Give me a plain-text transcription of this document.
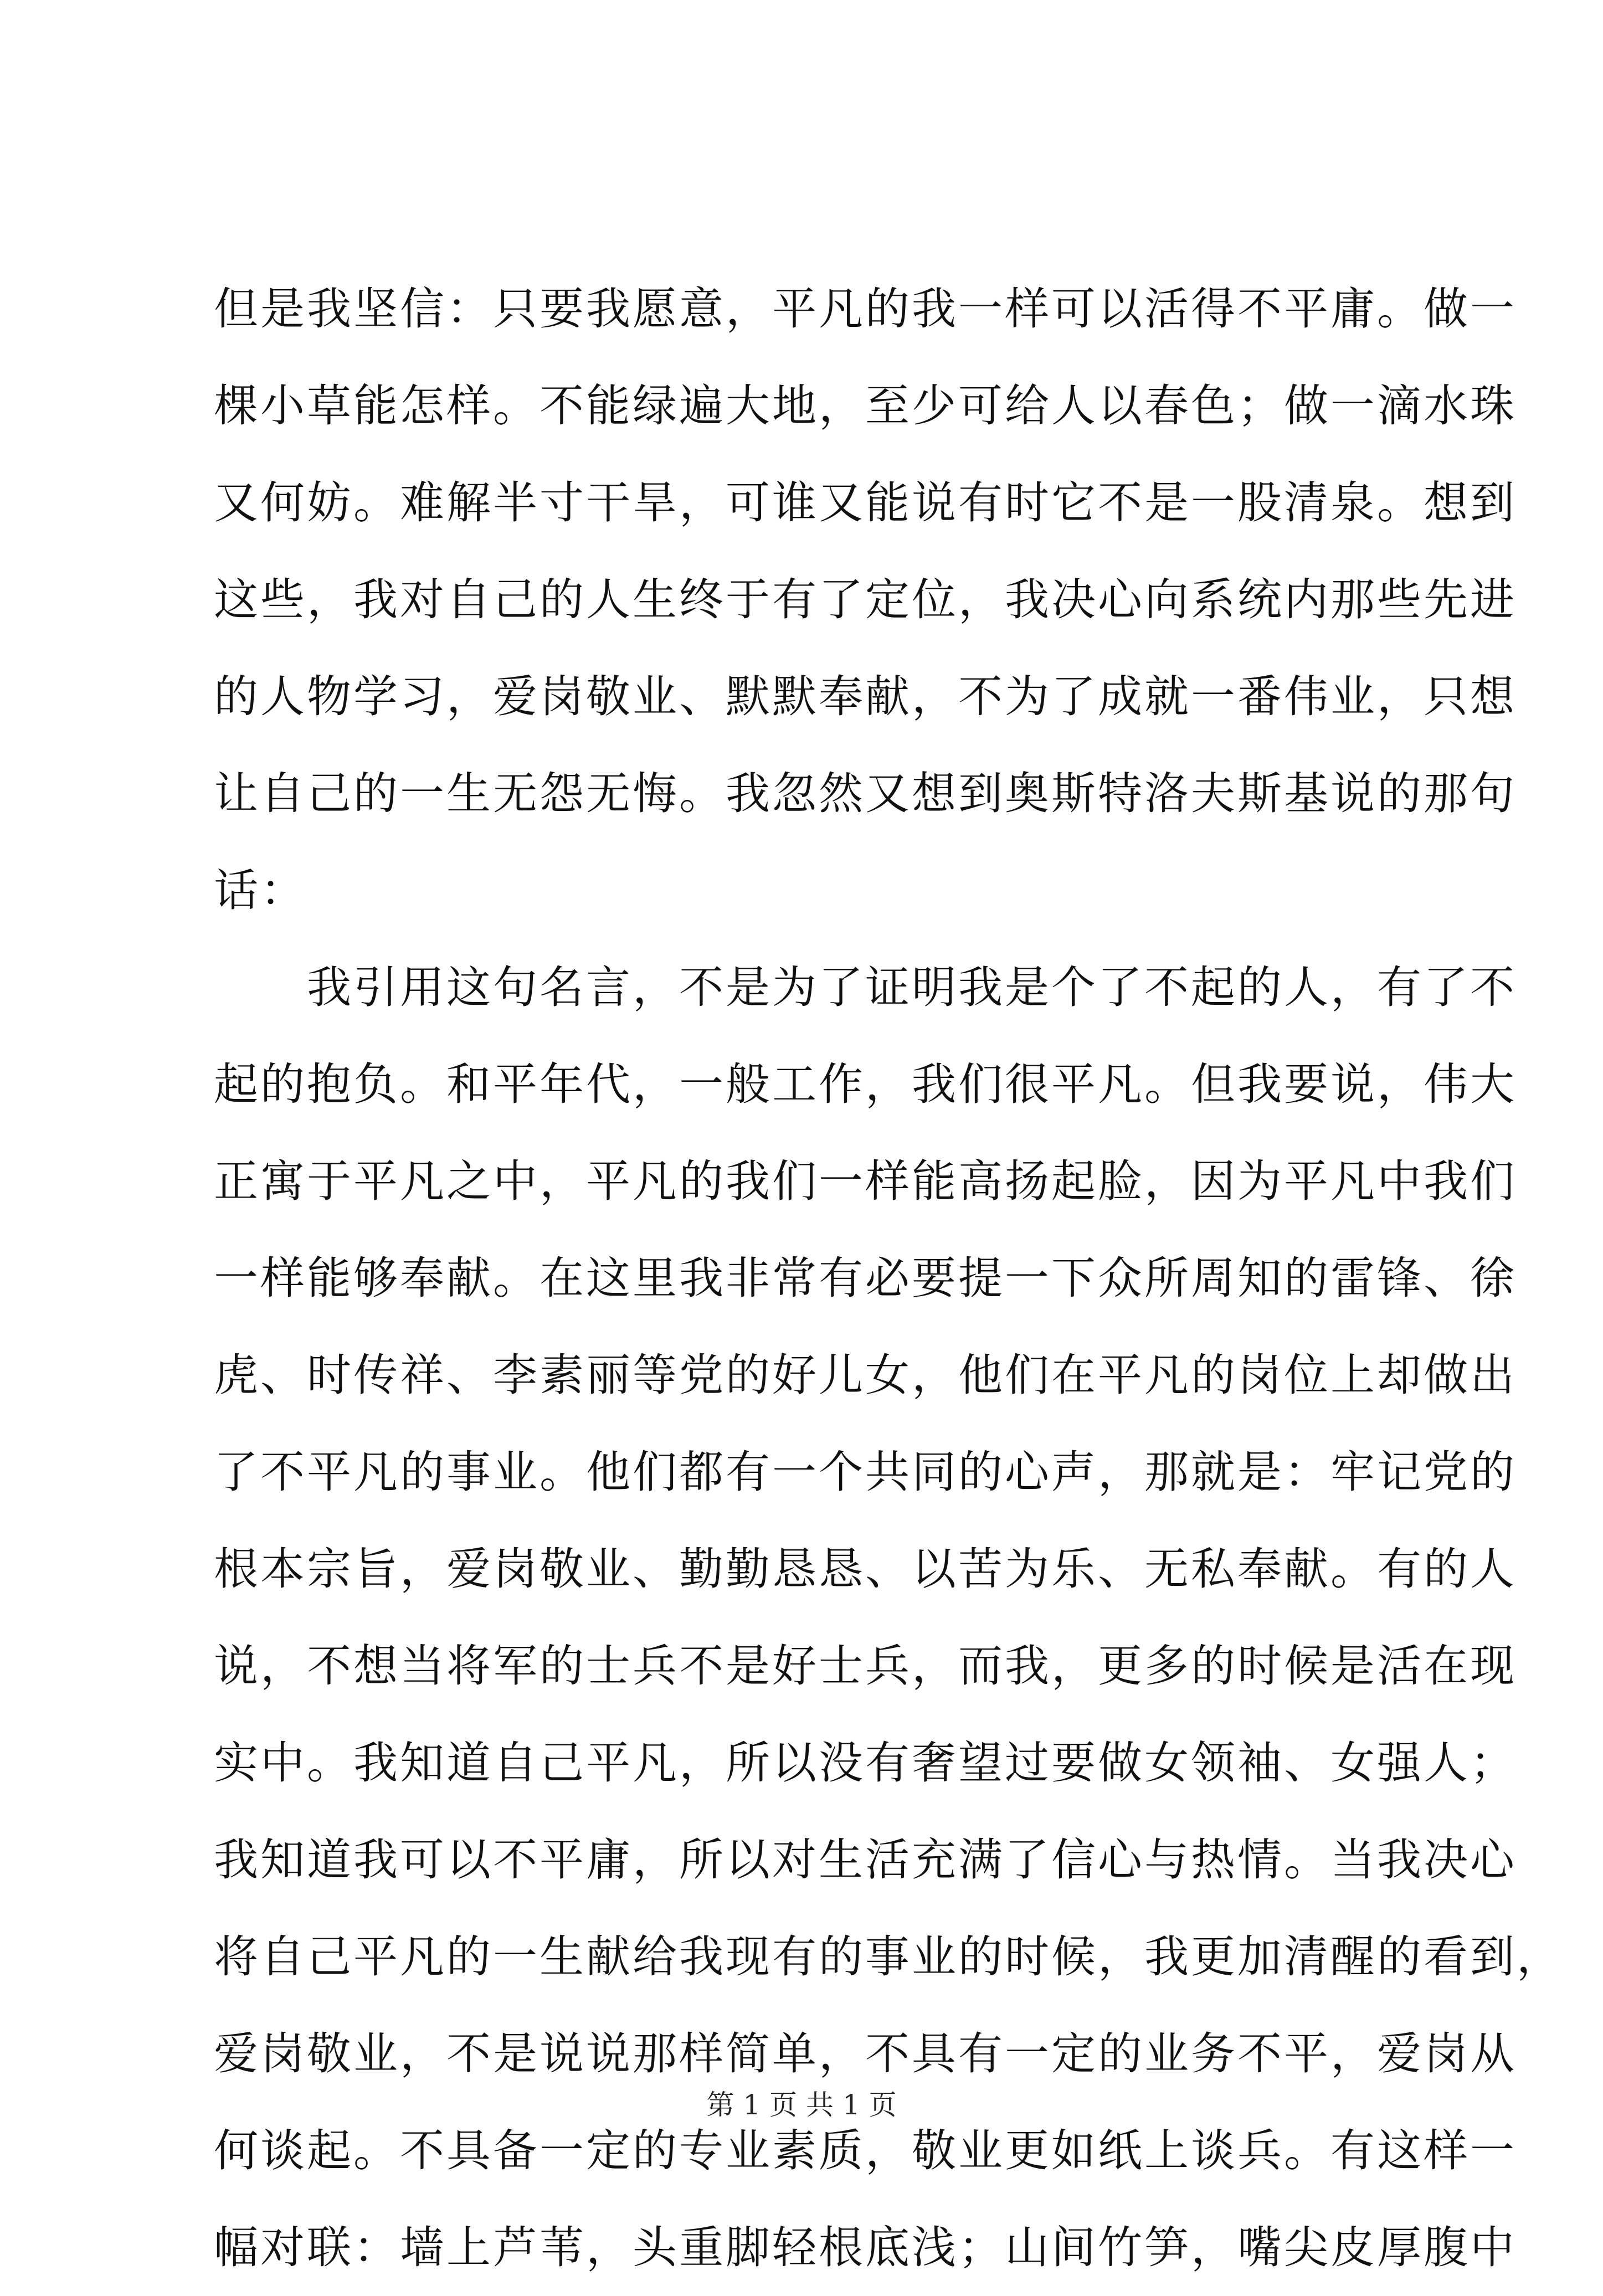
但是我坚信：只要我愿意，平凡的我一样可以活得不平庸。做一
棵小草能怎样。不能绿遍大地，至少可给人以春色；做一滴水珠
又何妨。难解半寸干旱，可谁又能说有时它不是一股清泉。想到
这些，我对自己的人生终于有了定位，我决心向系统内那些先进
的人物学习，爱岗敬业、默默奉献，不为了成就一番伟业，只想
让自己的一生无怨无悔。我忽然又想到奥斯特洛夫斯基说的那句
话：
我引用这句名言，不是为了证明我是个了不起的人，有了不
起的抱负。和平年代，一般工作，我们很平凡。但我要说，伟大
正寓于平凡之中，平凡的我们一样能高扬起脸，因为平凡中我们
一样能够奉献。在这里我非常有必要提一下众所周知的雷锋、徐
虎、时传祥、李素丽等党的好儿女，他们在平凡的岗位上却做出
了不平凡的事业。他们都有一个共同的心声，那就是：牢记党的
根本宗旨，爱岗敬业、勤勤恳恳、以苦为乐、无私奉献。有的人
说，不想当将军的士兵不是好士兵，而我，更多的时候是活在现
实中。我知道自己平凡，所以没有奢望过要做女领袖、女强人；
我知道我可以不平庸，所以对生活充满了信心与热情。当我决心
将自己平凡的一生献给我现有的事业的时候，我更加清醒的看到，
爱岗敬业，不是说说那样简单，不具有一定的业务不平，爱岗从
何谈起。不具备一定的专业素质，敬业更如纸上谈兵。有这样一
幅对联：墙上芦苇，头重脚轻根底浅；山间竹笋，嘴尖皮厚腹中
第 1 页 共 1 页
